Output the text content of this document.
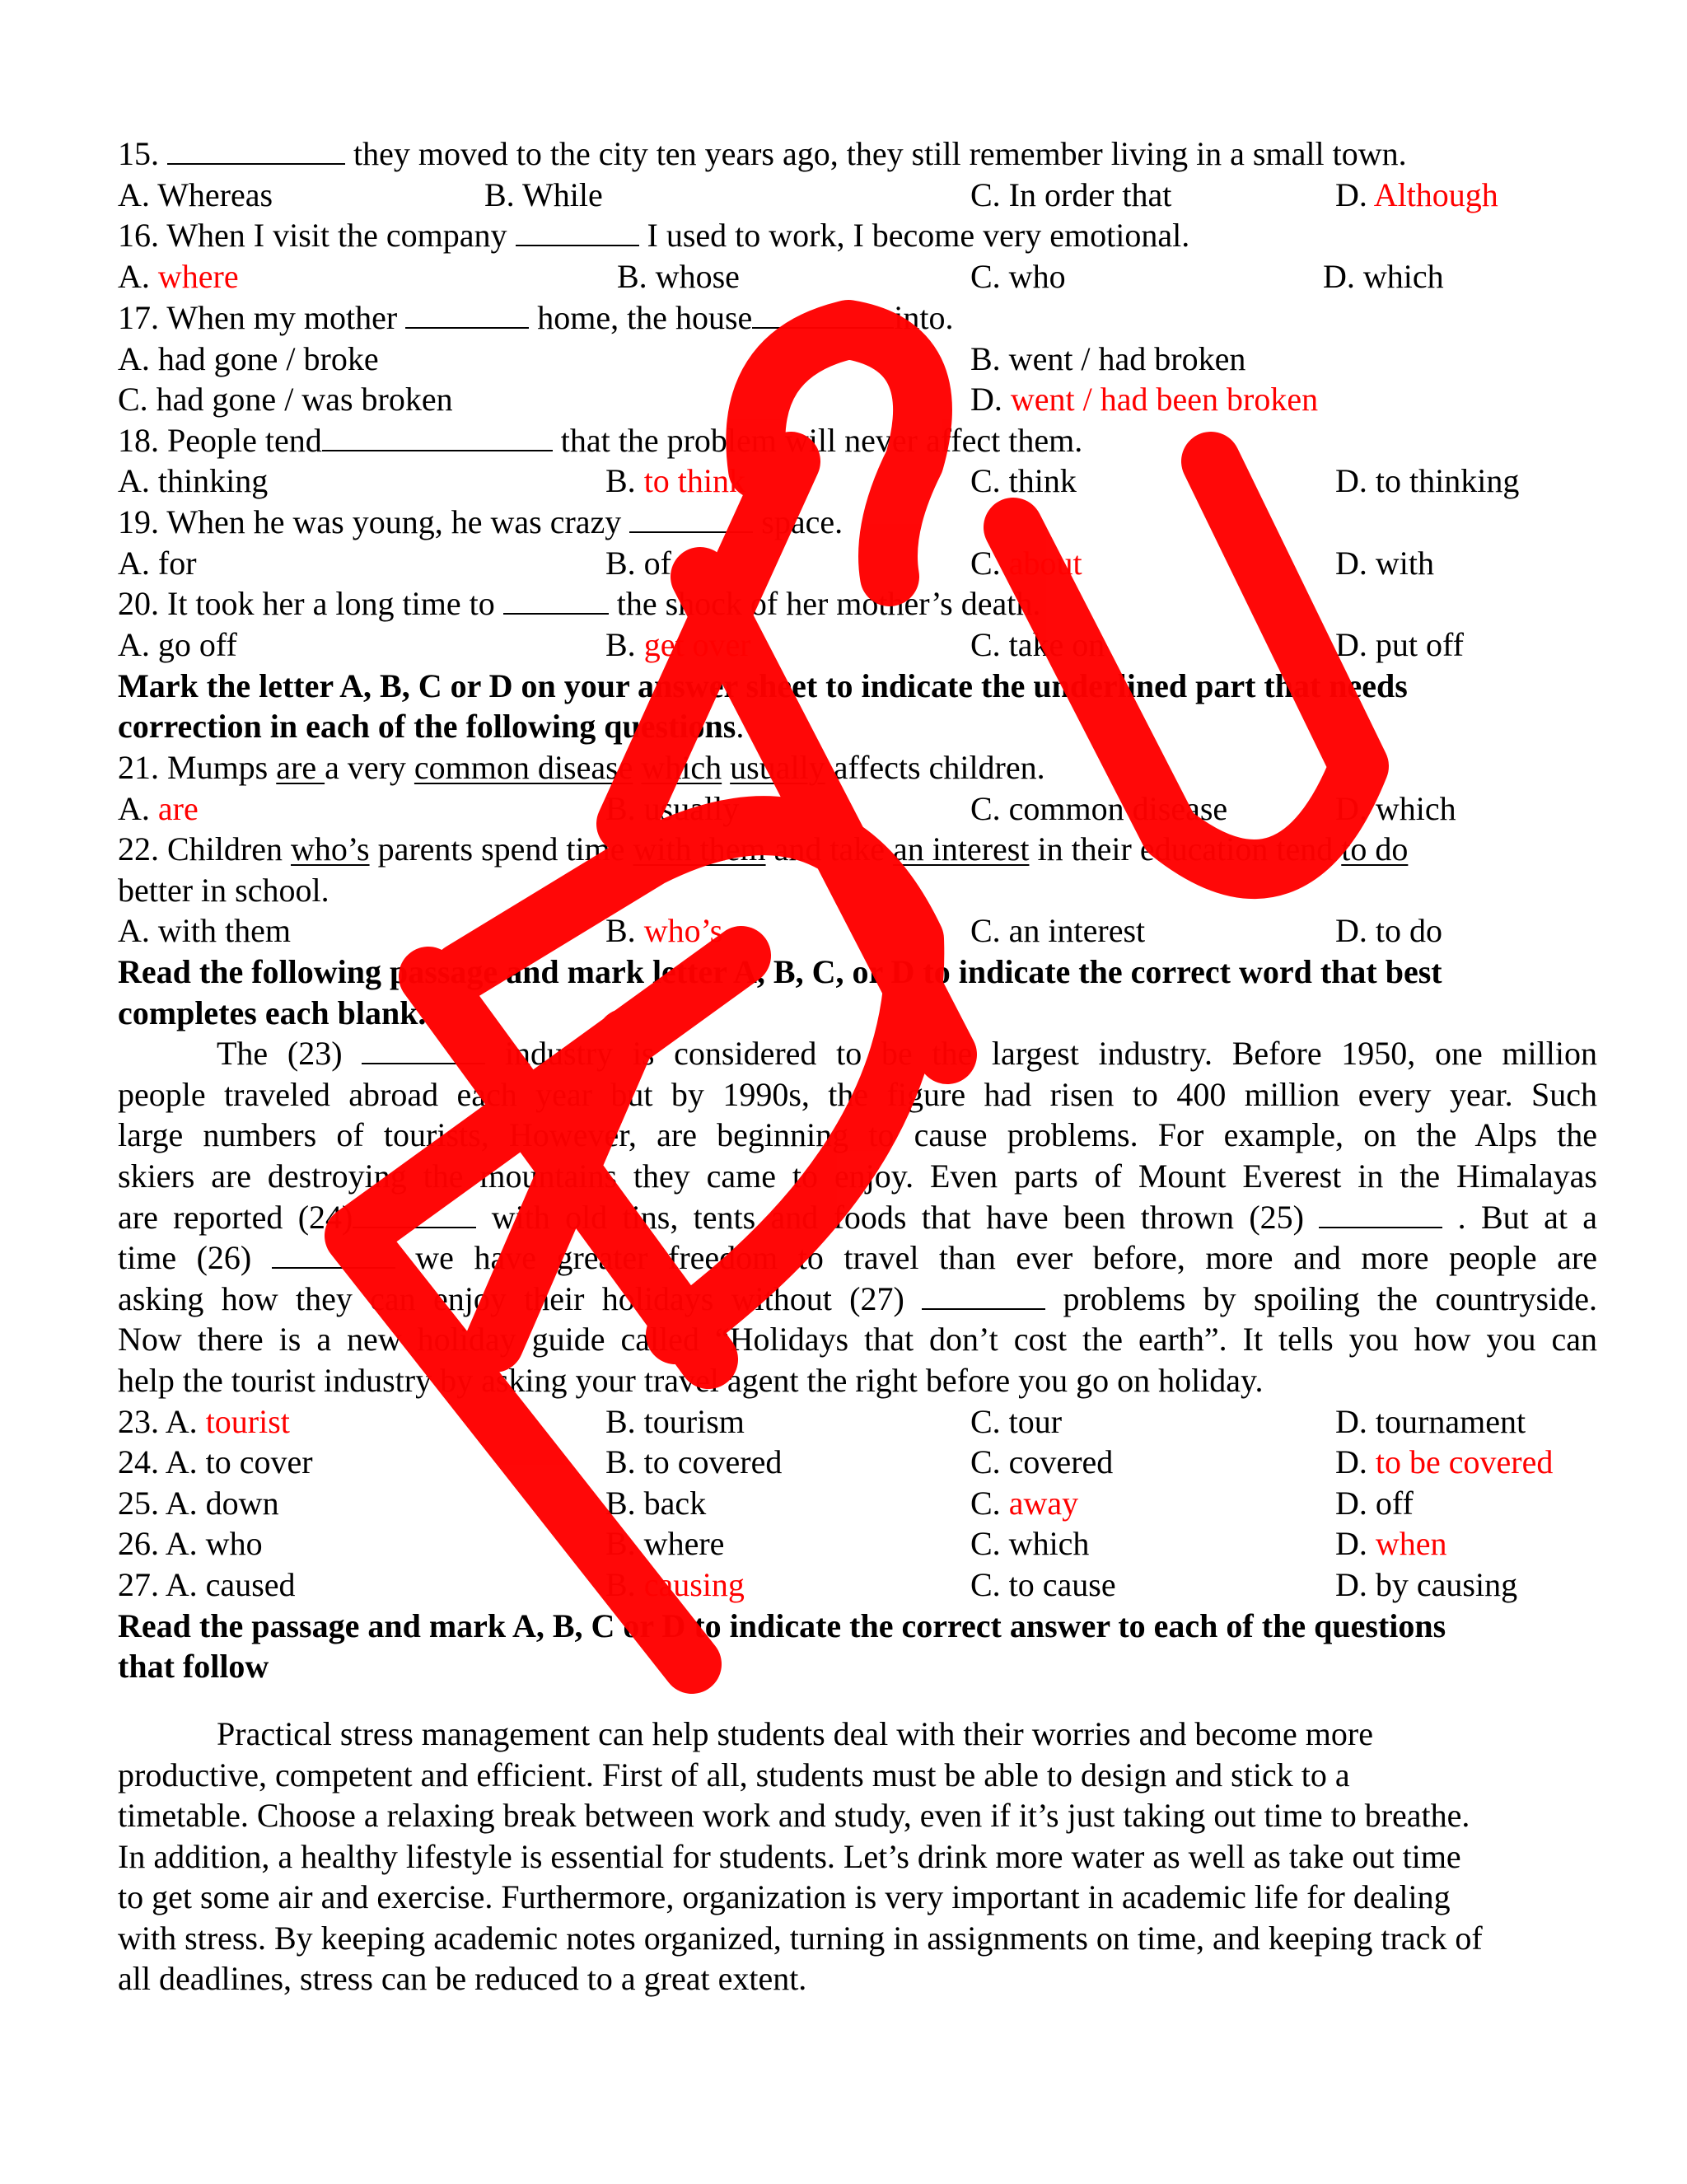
15.	they moved to the city ten years ago, they still remember living in a small town.
A. Whereas	B. While	C. In order that	D. Although
16. When I visit the company	I used to work, I become very emotional.
A. where	B. whose	C. who	D. which
17. When my mother	home, the house	into.
A. had gone / broke	B. went / had broken
C. had gone / was broken	D. went / had been broken
18. People tend	that the problem will never affect them.
A. thinking	B. to think	C. think	D. to thinking
19. When he was young, he was crazy	space.
A. for	B. of	C. about	D. with
20. It took her a long time to	the shock of her mother’s death.
A. go off	B. get over	C. take on	D. put off
Mark the letter A, B, C or D on your answer sheet to indicate the underlined part that needs
correction in each of the following questions.
21. Mumps are a very common disease which usually affects children.
A. are	B. usually	C. common disease	D. which
22. Children who’s parents spend time with them and take an interest in their education tend to do
better in school.
A. with them	B. who’s	C. an interest	D. to do
Read the following passage and mark letter A, B, C, or D to indicate the correct word that best
completes each blank.
The (23)	industry is considered to be the largest industry. Before 1950, one million
people traveled abroad each year but by 1990s, the figure had risen to 400 million every year. Such
large numbers of tourists, However, are beginning to cause problems. For example, on the Alps the
skiers are destroying the mountains they came to enjoy. Even parts of Mount Everest in the Himalayas
are reported (24)	with old tins, tents and foods that have been thrown (25)	. But at a
time (26)	we have greater freedom to travel than ever before, more and more people are
asking how they can enjoy their holidays without (27)	problems by spoiling the countryside.
Now there is a new holiday guide called “Holidays that don’t cost the earth”. It tells you how you can
help the tourist industry by asking your travel agent the right before you go on holiday.
23. A. tourist	B. tourism	C. tour	D. tournament
24. A. to cover	B. to covered	C. covered	D. to be covered
25. A. down	B. back	C. away	D. off
26. A. who	B. where	C. which	D. when
27. A. caused	B. causing	C. to cause	D. by causing
Read the passage and mark A, B, C or D to indicate the correct answer to each of the questions
that follow
Practical stress management can help students deal with their worries and become more
productive, competent and efficient. First of all, students must be able to design and stick to a
timetable. Choose a relaxing break between work and study, even if it’s just taking out time to breathe.
In addition, a healthy lifestyle is essential for students. Let’s drink more water as well as take out time
to get some air and exercise. Furthermore, organization is very important in academic life for dealing
with stress. By keeping academic notes organized, turning in assignments on time, and keeping track of
all deadlines, stress can be reduced to a great extent.
